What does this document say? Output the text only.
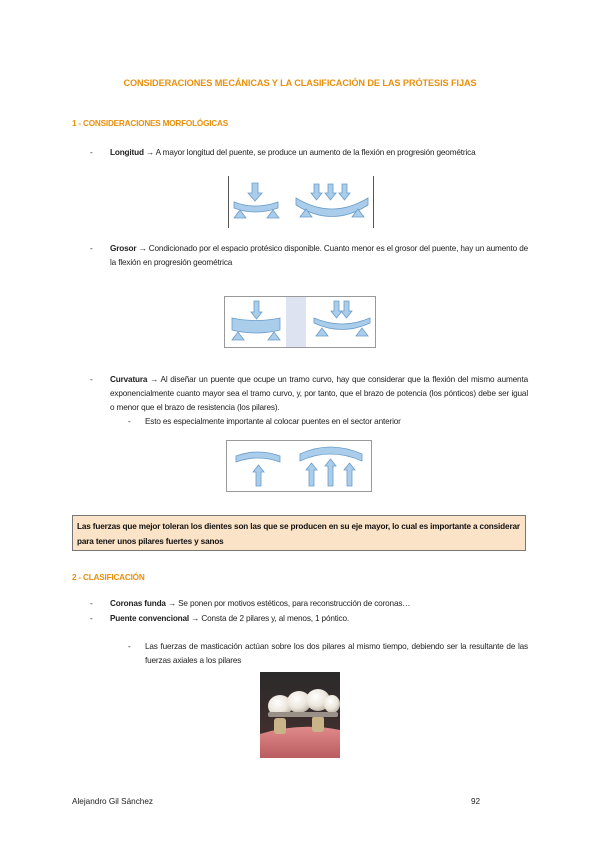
CONSIDERACIONES MECÁNICAS Y LA CLASIFICACIÓN DE LAS PRÓTESIS FIJAS
1 - CONSIDERACIONES MORFOLÓGICAS
- Longitud → A mayor longitud del puente, se produce un aumento de la flexión en progresión geométrica
- Grosor → Condicionado por el espacio protésico disponible. Cuanto menor es el grosor del puente, hay un aumento de la flexión en progresión geométrica
- Curvatura → Al diseñar un puente que ocupe un tramo curvo, hay que considerar que la flexión del mismo aumenta exponencialmente cuanto mayor sea el tramo curvo, y, por tanto, que el brazo de potencia (los pónticos) debe ser igual o menor que el brazo de resistencia (los pilares).
- Esto es especialmente importante al colocar puentes en el sector anterior
Las fuerzas que mejor toleran los dientes son las que se producen en su eje mayor, lo cual es importante a considerar para tener unos pilares fuertes y sanos
2 - CLASIFICACIÓN
- Coronas funda → Se ponen por motivos estéticos, para reconstrucción de coronas…
- Puente convencional → Consta de 2 pilares y, al menos, 1 póntico.
- Las fuerzas de masticación actúan sobre los dos pilares al mismo tiempo, debiendo ser la resultante de las fuerzas axiales a los pilares
Alejandro Gil Sánchez	92
